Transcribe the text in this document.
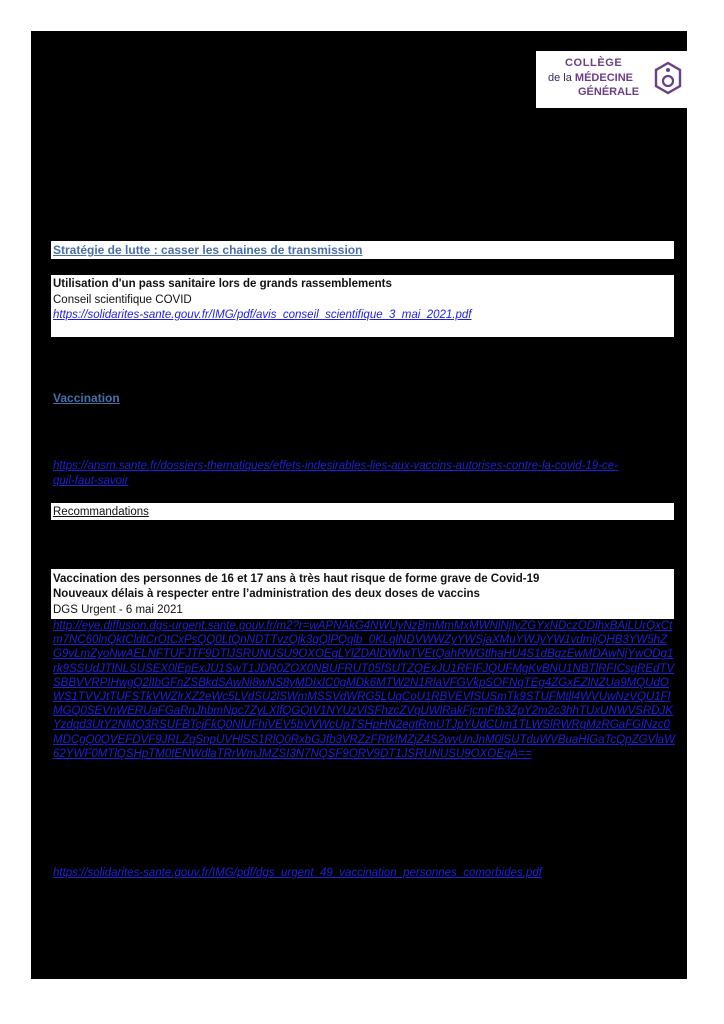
COLLÈGE
de la MÉDECINE
GÉNÉRALE
Stratégie de lutte : casser les chaines de transmission
Utilisation d'un pass sanitaire lors de grands rassemblements
Conseil scientifique COVID
https://solidarites-sante.gouv.fr/IMG/pdf/avis_conseil_scientifique_3_mai_2021.pdf
Vaccination
https://ansm.sante.fr/dossiers-thematiques/effets-indesirables-lies-aux-vaccins-autorises-contre-la-covid-19-ce-
quil-faut-savoir
Recommandations
Vaccination des personnes de 16 et 17 ans à très haut risque de forme grave de Covid-19
Nouveaux délais à respecter entre l’administration des deux doses de vaccins
DGS Urgent - 6 mai 2021
http://eye.diffusion.dgs-urgent.sante.gouv.fr/m2?r=wAPNAkG4NWUyNzBmMmMxMWNlNjIyZGYxNDczODlhxBAiLUrQxCtm7NC60lnQktCldtCrOtCxPsQQ0LtQnNDTTvzQjk3qQlPQqlb_0KLqlNDVWWZyYWSjaXMuYWJyYW1vdmljQHB3YW5hZG9vLmZyoNwAELNFTUFJTF9DTlJSRUNUSU9OXOEqLYlZDAlDWIwTVEtQahRWGtlhaHU4S1dBgzEwMDAwNjYwODg1rk9SSUdJTlNLSUSEX0lEpExJU1SwT1JDR0ZOX0NBUFRUT05fSUTZQExJU1RFIFJQUFMgKvBNU1NBTlRFICsgREdTVSBBVVRPIHwgQ2lIbGFnZSBkdSAwNi8wNS8yMDIxIC0gMDk6MTW2N1RlaVFGVkpSOFNqTEg4ZGxEZlNZUa9MQUdOWS1TVVJtTUFSTkVWZlrXZ2eWc5LVdSU2lSWmMSSVdWRG5LUqCoU1RBVEVfSUSmTk9STUFMtll4WVUwNzVQU1FlMGQ0SEVnWERUaFGaRnJhbmNpc7ZyLXlfQGQtV1NYUzVlSFhzcZVqUWlRakFjcmFtb3ZpY2m2c3hhTUxUNWVSRDJKYzdqd3UtY2NMQ3RSUFBTcjFkQ0NlUFhiVEV5bVVWcUpTSHpHN2egtRmUTJpYUdCUm1TLWSlRWRqMzRGaFGlNzc0MDCgQ0QVEFDVF9JRLZqSnpUVHlSS1RlQ0RxbGJfb3VRZzFRtklMZjZ4S2wvUnJnM0lSUTduWVBuaHlGaTcQpZGVlaW62YWF0MTlQSHpTM0tENWdlaTRrWmJMZSI3N7NQSF9ORV9DT1JSRUNUSU9OXOEqA==
https://solidarites-sante.gouv.fr/IMG/pdf/dgs_urgent_49_vaccination_personnes_comorbides.pdf
